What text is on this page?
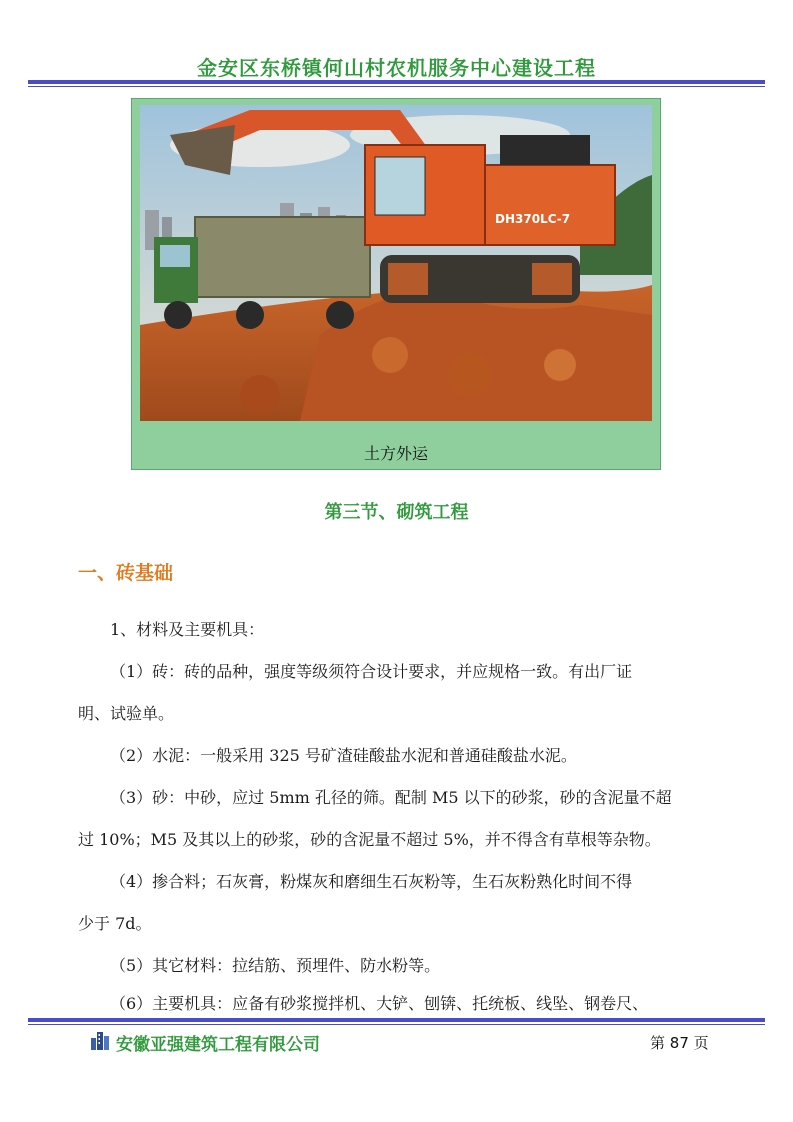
金安区东桥镇何山村农机服务中心建设工程
DH370LC-7
土方外运
第三节、砌筑工程
一、砖基础
1、材料及主要机具：
（1）砖：砖的品种，强度等级须符合设计要求，并应规格一致。有出厂证
明、试验单。
（2）水泥：一般采用 325 号矿渣硅酸盐水泥和普通硅酸盐水泥。
（3）砂：中砂，应过 5mm 孔径的筛。配制 M5 以下的砂浆，砂的含泥量不超
过 10%；M5 及其以上的砂浆，砂的含泥量不超过 5%，并不得含有草根等杂物。
（4）掺合料；石灰膏，粉煤灰和磨细生石灰粉等，生石灰粉熟化时间不得
少于 7d。
（5）其它材料：拉结筋、预埋件、防水粉等。
（6）主要机具：应备有砂浆搅拌机、大铲、刨锛、托统板、线坠、钢卷尺、
安徽亚强建筑工程有限公司	第 87 页
